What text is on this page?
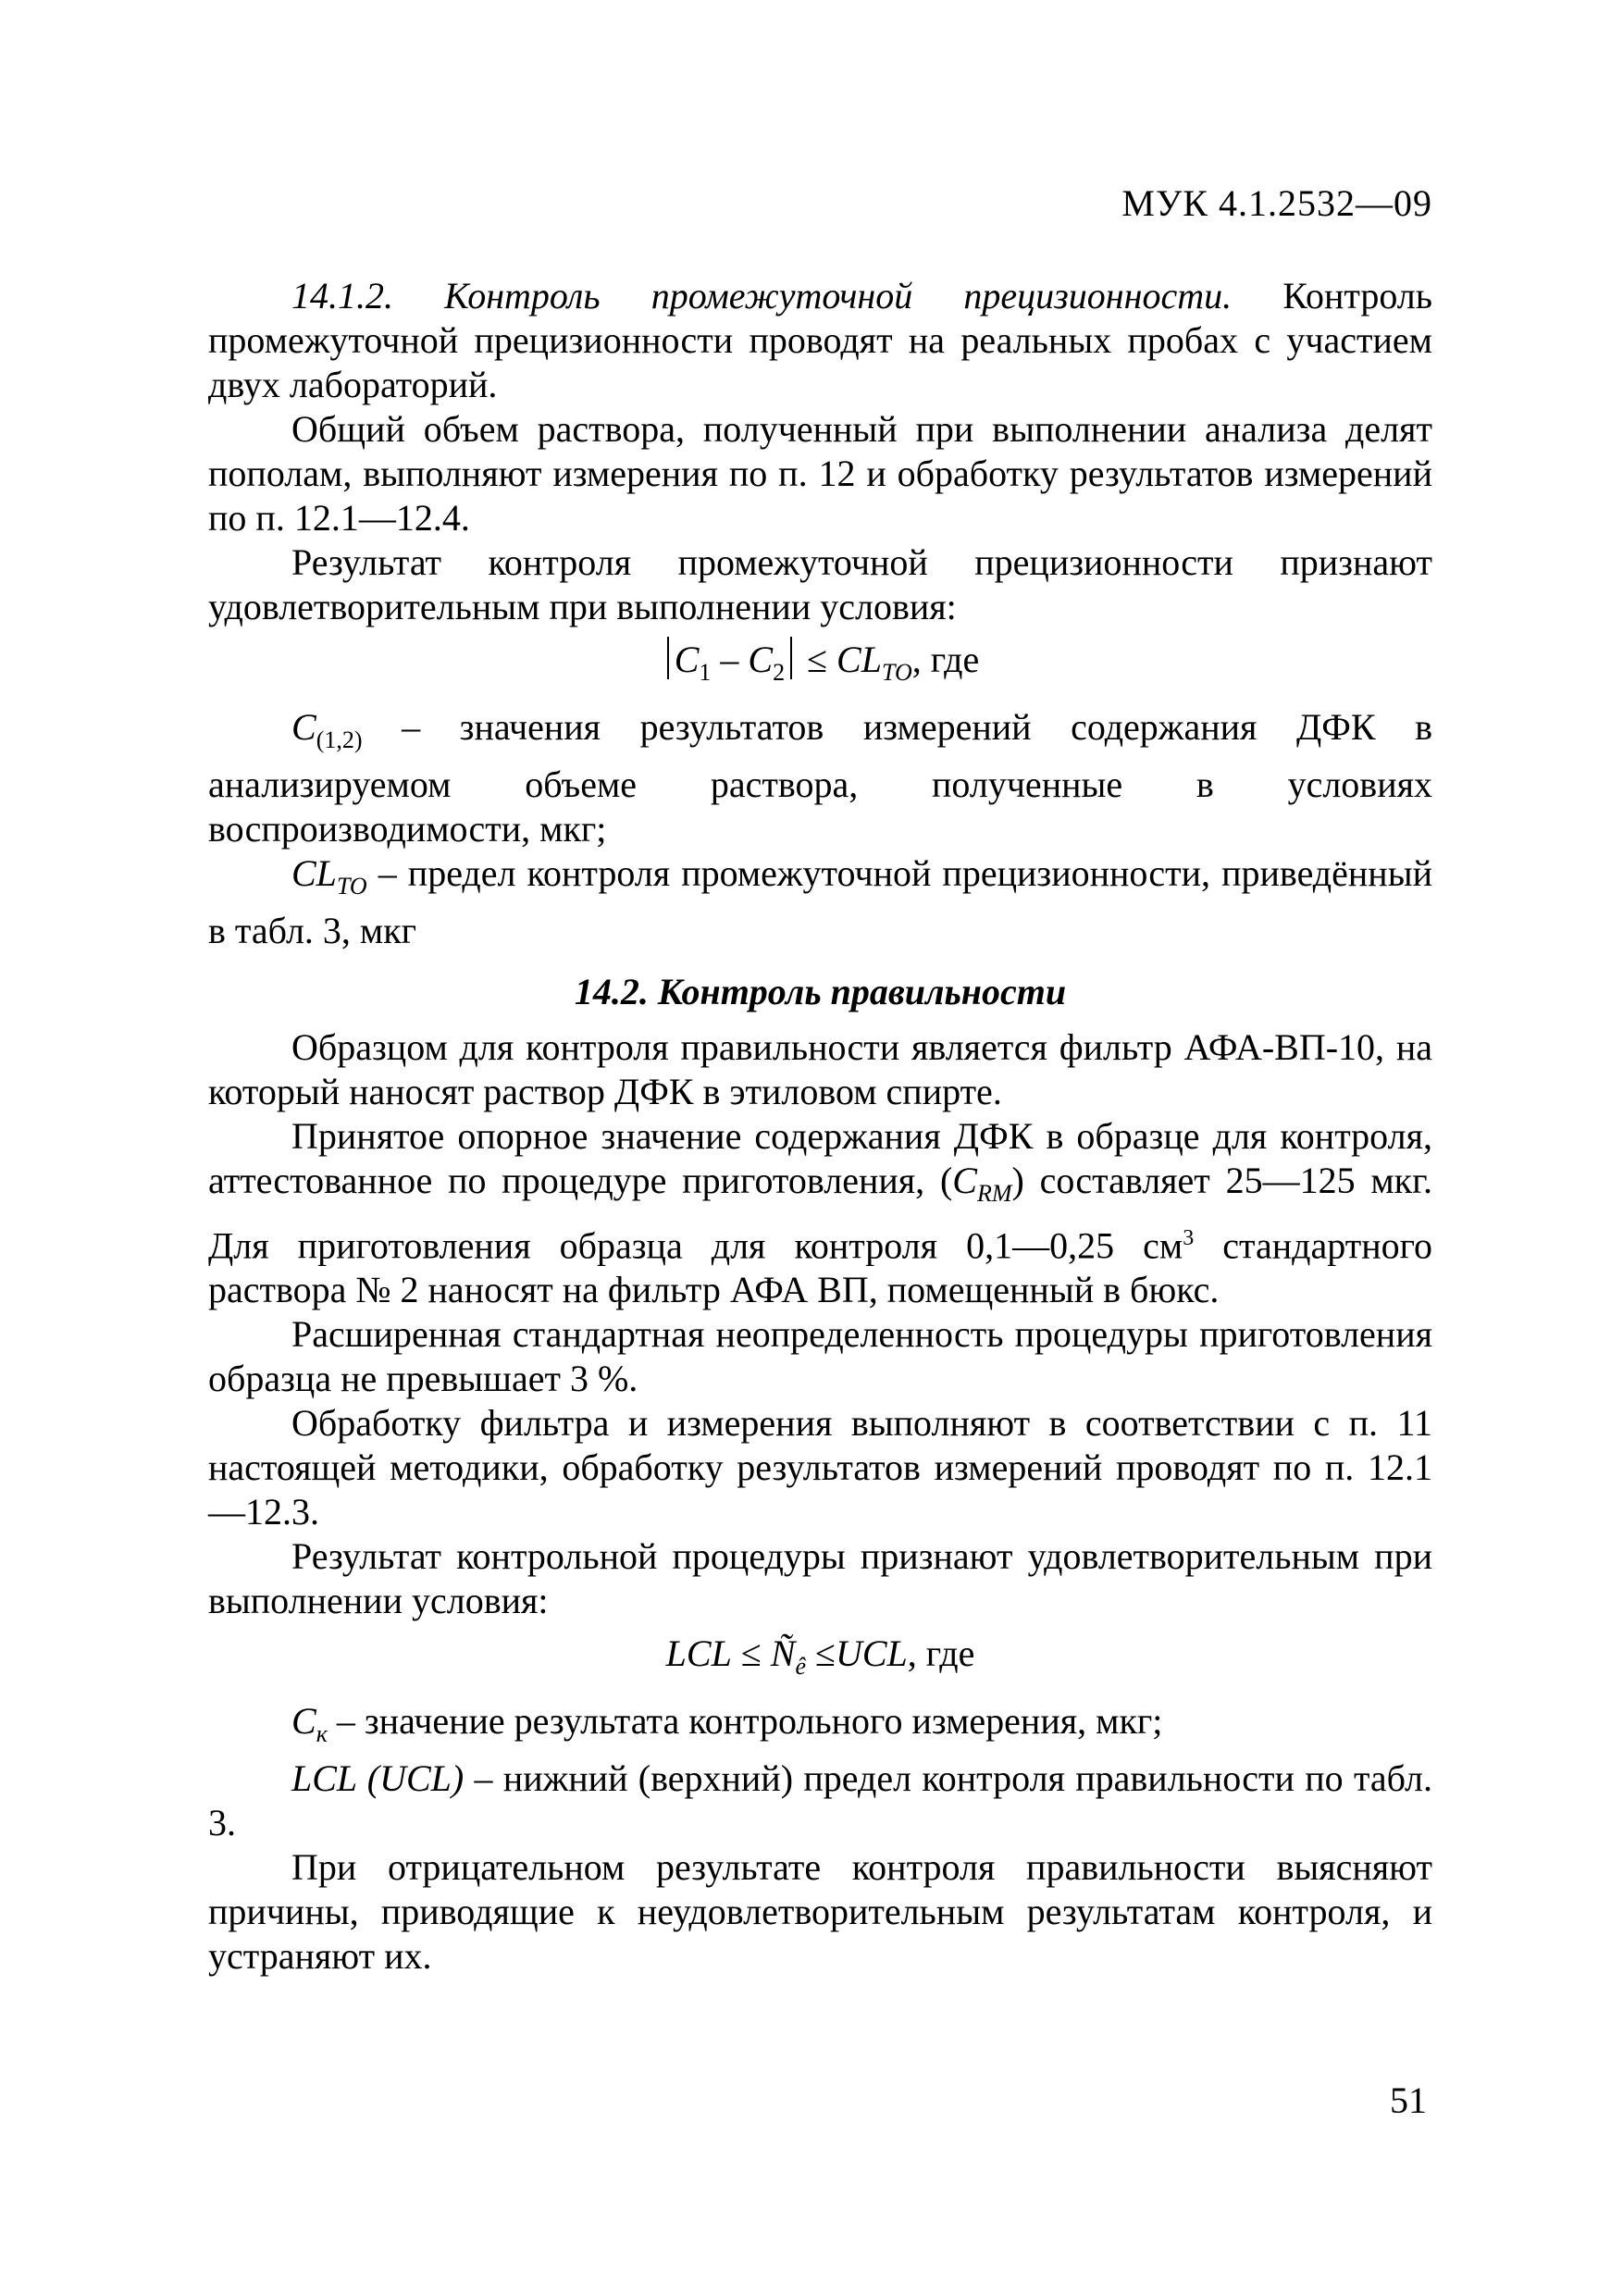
МУК 4.1.2532—09

14.1.2. Контроль промежуточной прецизионности. Контроль промежуточной прецизионности проводят на реальных пробах с участием двух лабораторий.

Общий объем раствора, полученный при выполнении анализа делят пополам, выполняют измерения по п. 12 и обработку результатов измерений по п. 12.1—12.4.

Результат контроля промежуточной прецизионности признают удовлетворительным при выполнении условия:

$C_1 - C_2 \le CL_{TO}$, где

$C_{(1,2)}$ – значения результатов измерений содержания ДФК в анализируемом объеме раствора, полученные в условиях воспроизводимости, мкг;

$CL_{TO}$ – предел контроля промежуточной прецизионности, приведённый в табл. 3, мкг

14.2. Контроль правильности

Образцом для контроля правильности является фильтр АФА-ВП-10, на который наносят раствор ДФК в этиловом спирте.

Принятое опорное значение содержания ДФК в образце для контроля, аттестованное по процедуре приготовления, $(C_{RM})$ составляет 25—125 мкг. Для приготовления образца для контроля 0,1—0,25 $см^3$ стандартного раствора № 2 наносят на фильтр АФА ВП, помещенный в бюкс.

Расширенная стандартная неопределенность процедуры приготовления образца не превышает 3 %.

Обработку фильтра и измерения выполняют в соответствии с п. 11 настоящей методики, обработку результатов измерений проводят по п. 12.1—12.3.

Результат контрольной процедуры признают удовлетворительным при выполнении условия:

LCL ≤ $Ñ_ê \le UCL$, где

$C_к$ – значение результата контрольного измерения, мкг;

LCL (UCL) – нижний (верхний) предел контроля правильности по табл. 3.

При отрицательном результате контроля правильности выясняют причины, приводящие к неудовлетворительным результатам контроля, и устраняют их.

51
